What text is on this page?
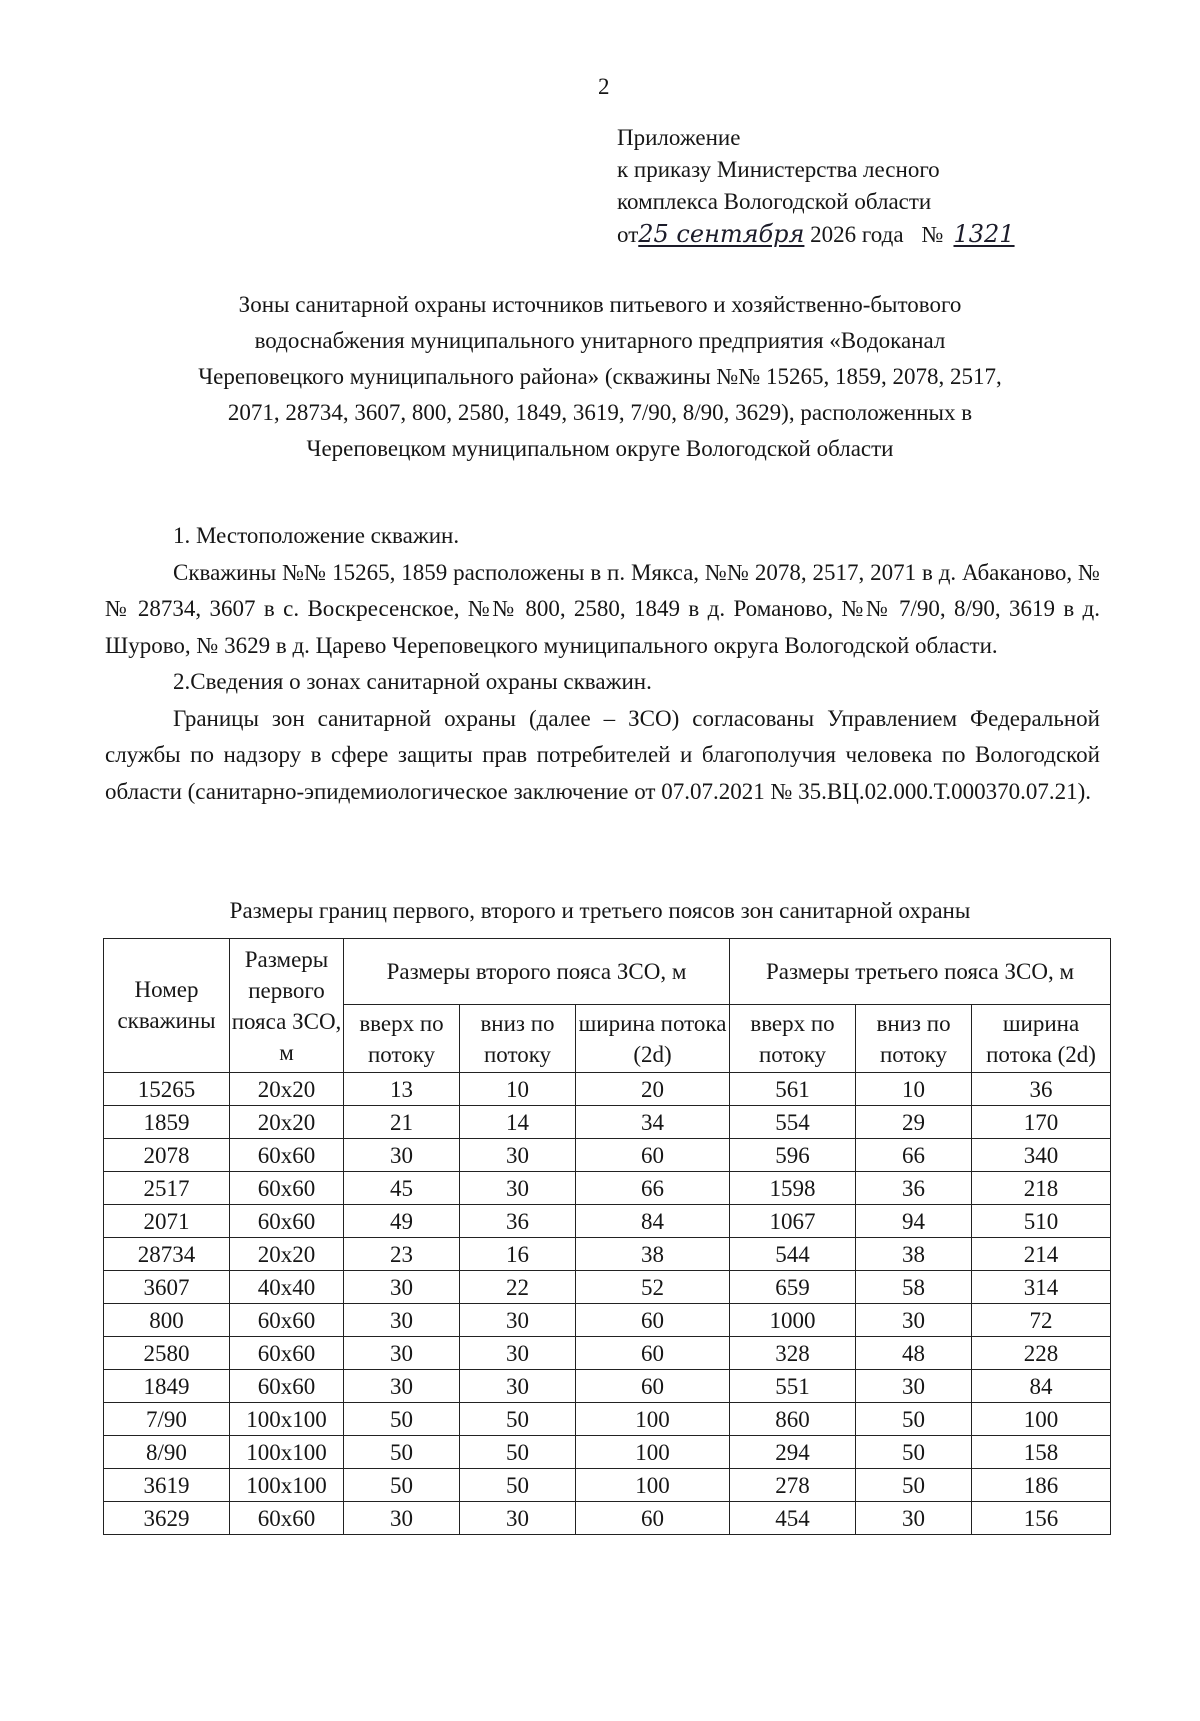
2
Приложение
к приказу Министерства лесного
комплекса Вологодской области
от25 сентября 2026 года № 1321
Зоны санитарной охраны источников питьевого и хозяйственно-бытового
водоснабжения муниципального унитарного предприятия «Водоканал
Череповецкого муниципального района» (скважины №№ 15265, 1859, 2078, 2517,
2071, 28734, 3607, 800, 2580, 1849, 3619, 7/90, 8/90, 3629), расположенных в
Череповецком муниципальном округе Вологодской области

1. Местоположение скважин.

Скважины №№ 15265, 1859 расположены в п. Мякса, №№ 2078, 2517, 2071 в д. Абаканово, №№ 28734, 3607 в с. Воскресенское, №№ 800, 2580, 1849 в д. Романово, №№ 7/90, 8/90, 3619 в д. Шурово, № 3629 в д. Царево Череповецкого муниципального округа Вологодской области.

2.Сведения о зонах санитарной охраны скважин.

Границы зон санитарной охраны (далее – ЗСО) согласованы Управлением Федеральной службы по надзору в сфере защиты прав потребителей и благополучия человека по Вологодской области (санитарно-эпидемиологическое заключение от 07.07.2021 № 35.ВЦ.02.000.Т.000370.07.21).

Размеры границ первого, второго и третьего поясов зон санитарной охраны
Номер скважины	Размеры первого пояса ЗСО, м	Размеры второго пояса ЗСО, м			Размеры третьего пояса ЗСО, м		
		вверх по потоку	вниз по потоку	ширина потока (2d)	вверх по потоку	вниз по потоку	ширина потока (2d)
15265	20х20	13	10	20	561	10	36
1859	20х20	21	14	34	554	29	170
2078	60х60	30	30	60	596	66	340
2517	60х60	45	30	66	1598	36	218
2071	60х60	49	36	84	1067	94	510
28734	20х20	23	16	38	544	38	214
3607	40х40	30	22	52	659	58	314
800	60х60	30	30	60	1000	30	72
2580	60х60	30	30	60	328	48	228
1849	60х60	30	30	60	551	30	84
7/90	100х100	50	50	100	860	50	100
8/90	100х100	50	50	100	294	50	158
3619	100х100	50	50	100	278	50	186
3629	60х60	30	30	60	454	30	156
